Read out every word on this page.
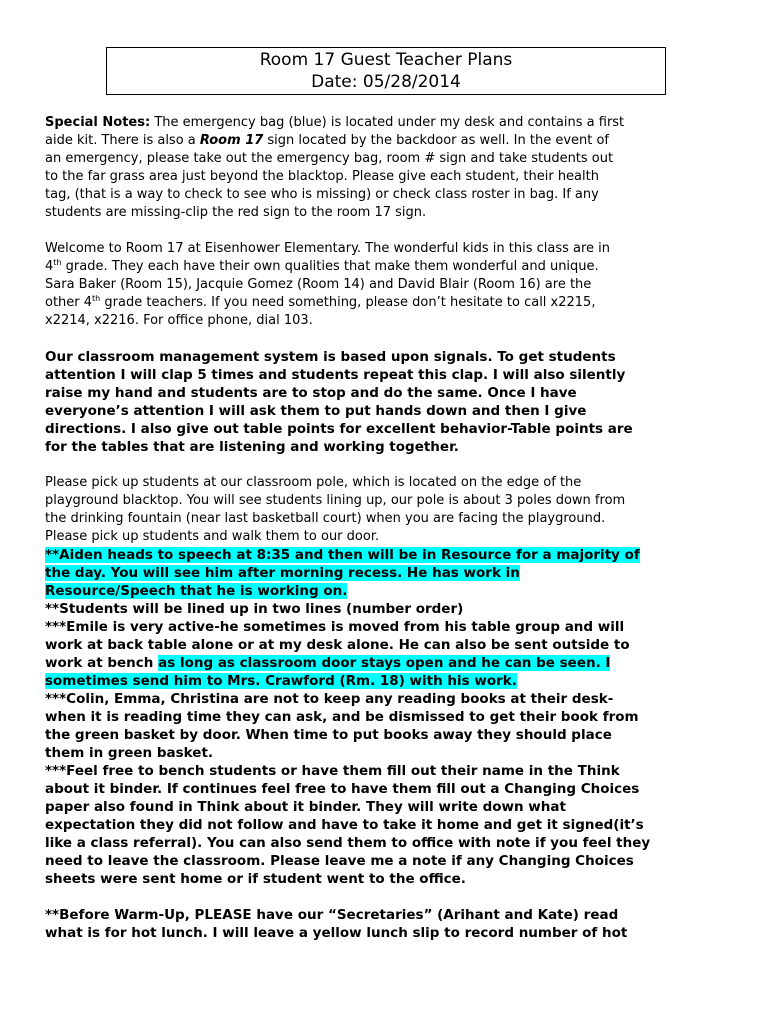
Room 17 Guest Teacher Plans
Date: 05/28/2014

Special Notes: The emergency bag (blue) is located under my desk and contains a first

aide kit. There is also a Room 17 sign located by the backdoor as well. In the event of

an emergency, please take out the emergency bag, room # sign and take students out

to the far grass area just beyond the blacktop. Please give each student, their health

tag, (that is a way to check to see who is missing) or check class roster in bag. If any

students are missing-clip the red sign to the room 17 sign.

Welcome to Room 17 at Eisenhower Elementary. The wonderful kids in this class are in

4th grade. They each have their own qualities that make them wonderful and unique.

Sara Baker (Room 15), Jacquie Gomez (Room 14) and David Blair (Room 16) are the

other 4th grade teachers. If you need something, please don’t hesitate to call x2215,

x2214, x2216. For office phone, dial 103.

Our classroom management system is based upon signals. To get students

attention I will clap 5 times and students repeat this clap. I will also silently

raise my hand and students are to stop and do the same. Once I have

everyone’s attention I will ask them to put hands down and then I give

directions. I also give out table points for excellent behavior-Table points are

for the tables that are listening and working together.

Please pick up students at our classroom pole, which is located on the edge of the

playground blacktop. You will see students lining up, our pole is about 3 poles down from

the drinking fountain (near last basketball court) when you are facing the playground.

Please pick up students and walk them to our door.

**Aiden heads to speech at 8:35 and then will be in Resource for a majority of

the day. You will see him after morning recess. He has work in

Resource/Speech that he is working on.

**Students will be lined up in two lines (number order)

***Emile is very active-he sometimes is moved from his table group and will

work at back table alone or at my desk alone. He can also be sent outside to

work at bench as long as classroom door stays open and he can be seen. I

sometimes send him to Mrs. Crawford (Rm. 18) with his work.

***Colin, Emma, Christina are not to keep any reading books at their desk-

when it is reading time they can ask, and be dismissed to get their book from

the green basket by door. When time to put books away they should place

them in green basket.

***Feel free to bench students or have them fill out their name in the Think

about it binder. If continues feel free to have them fill out a Changing Choices

paper also found in Think about it binder. They will write down what

expectation they did not follow and have to take it home and get it signed(it’s

like a class referral). You can also send them to office with note if you feel they

need to leave the classroom. Please leave me a note if any Changing Choices

sheets were sent home or if student went to the office.

**Before Warm-Up, PLEASE have our “Secretaries” (Arihant and Kate) read

what is for hot lunch. I will leave a yellow lunch slip to record number of hot
